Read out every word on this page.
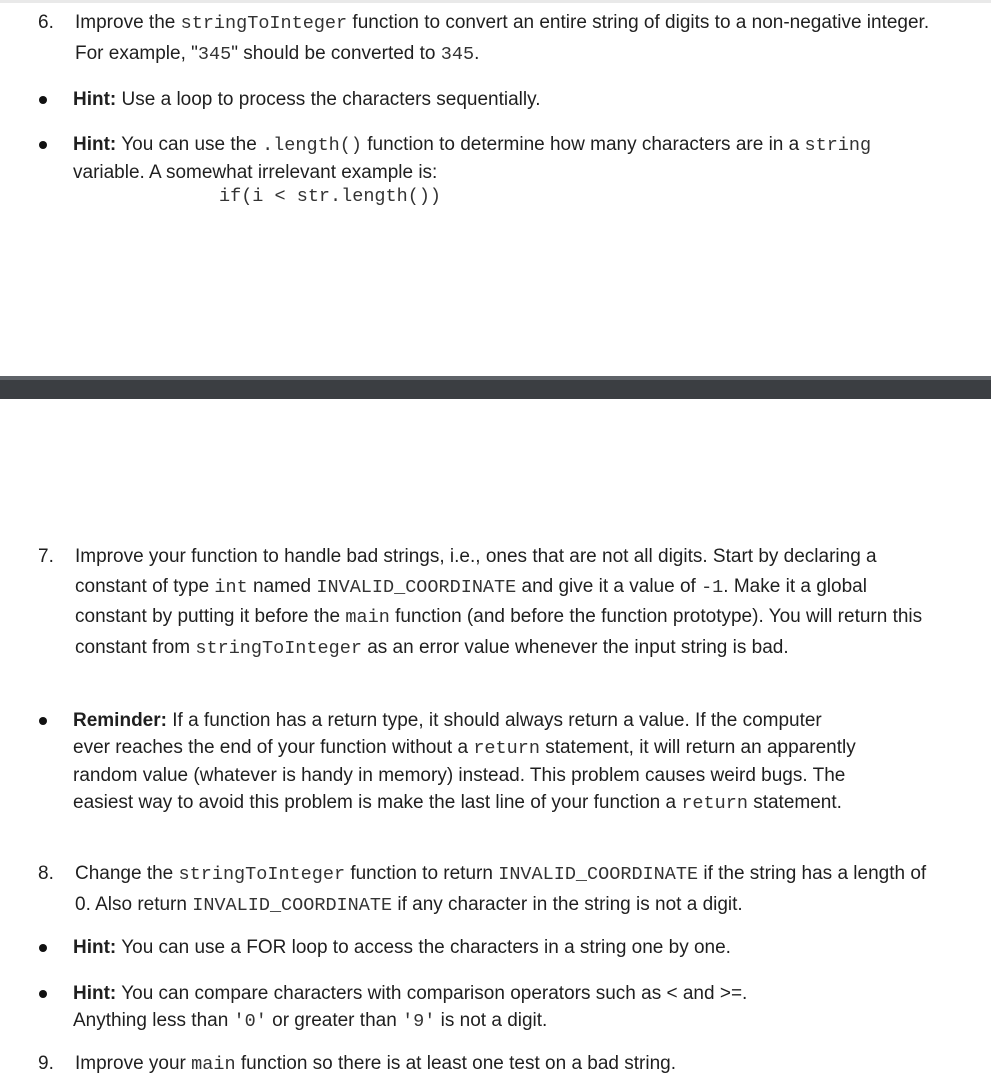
6. Improve the stringToInteger function to convert an entire string of digits to a non-negative integer. For example, "345" should be converted to 345.
Hint: Use a loop to process the characters sequentially.
Hint: You can use the .length() function to determine how many characters are in a string variable. A somewhat irrelevant example is:
if(i < str.length())
7. Improve your function to handle bad strings, i.e., ones that are not all digits. Start by declaring a constant of type int named INVALID_COORDINATE and give it a value of -1. Make it a global constant by putting it before the main function (and before the function prototype). You will return this constant from stringToInteger as an error value whenever the input string is bad.
Reminder: If a function has a return type, it should always return a value. If the computer ever reaches the end of your function without a return statement, it will return an apparently random value (whatever is handy in memory) instead. This problem causes weird bugs. The easiest way to avoid this problem is make the last line of your function a return statement.
8. Change the stringToInteger function to return INVALID_COORDINATE if the string has a length of 0. Also return INVALID_COORDINATE if any character in the string is not a digit.
Hint: You can use a FOR loop to access the characters in a string one by one.
Hint: You can compare characters with comparison operators such as < and >=. Anything less than '0' or greater than '9' is not a digit.
9. Improve your main function so there is at least one test on a bad string.
